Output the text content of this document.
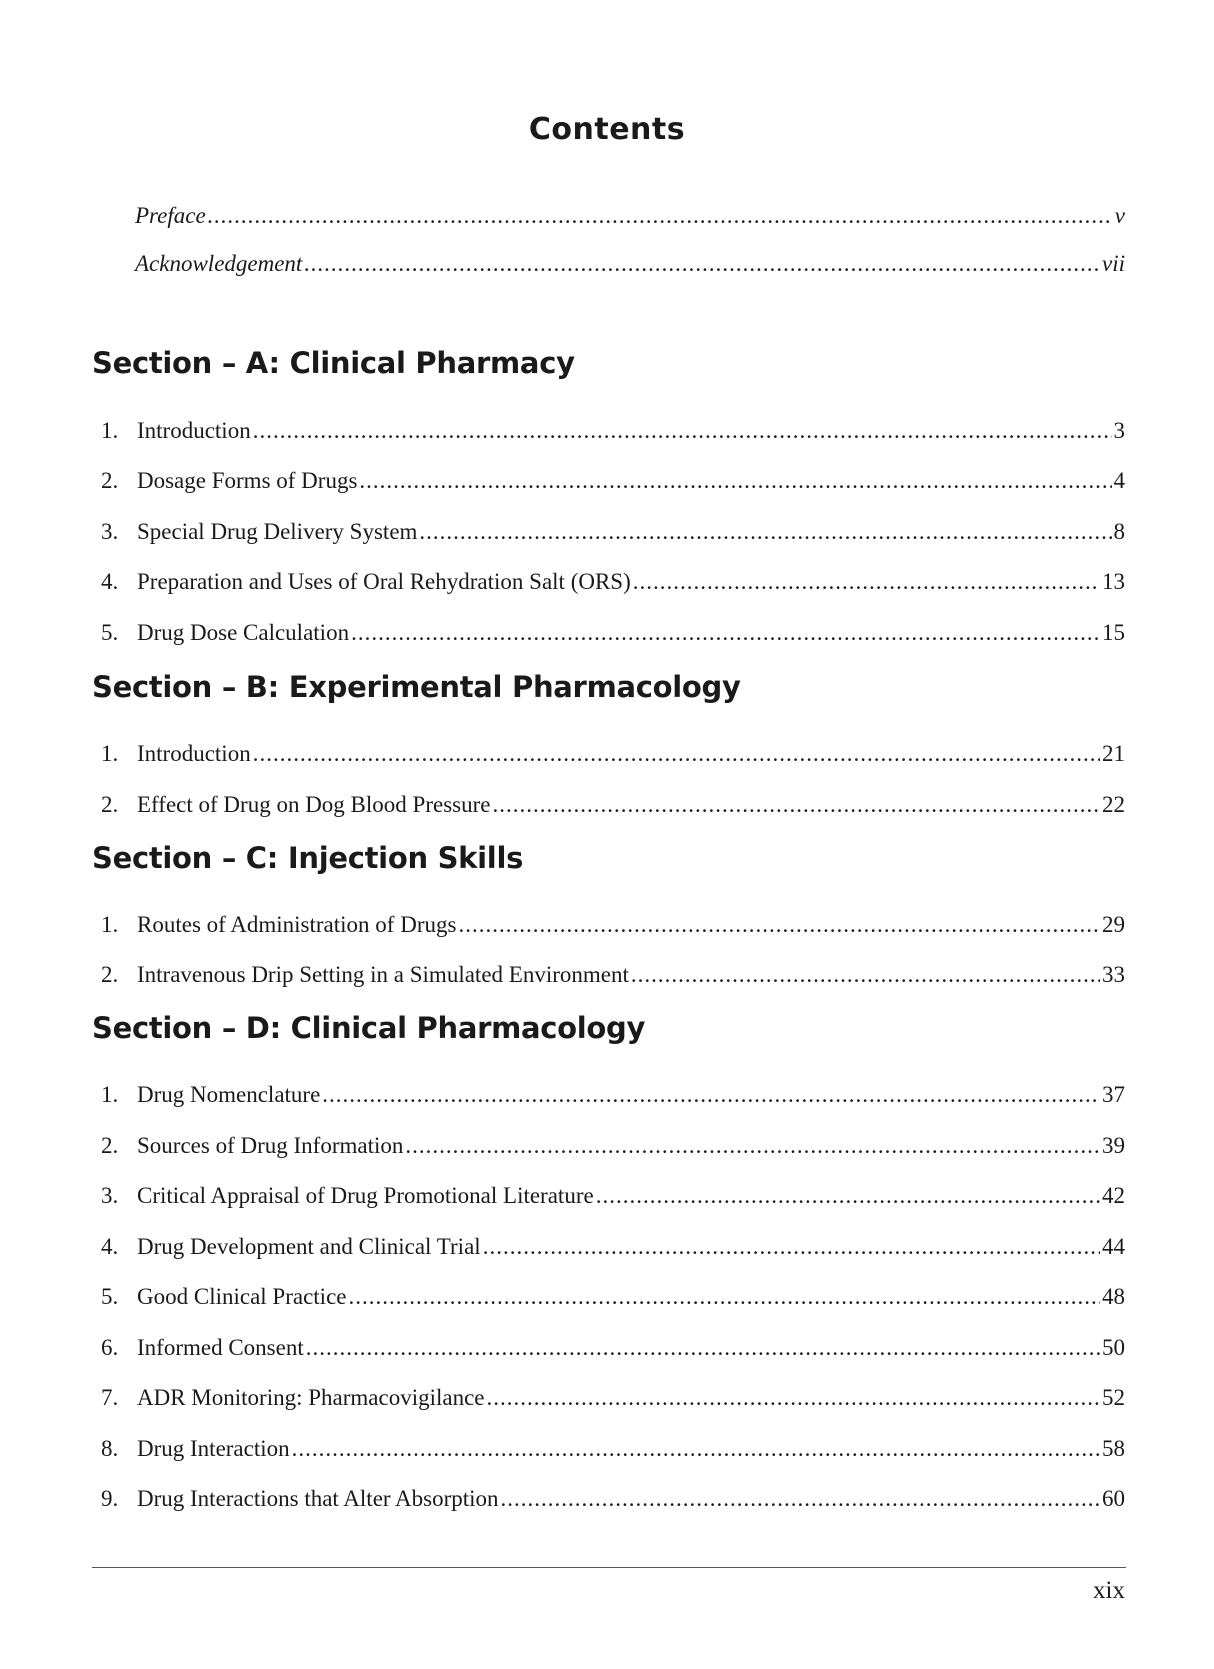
Contents
Preface .....	v
Acknowledgement .....	vii
Section – A: Clinical Pharmacy
1. Introduction .....	3
2. Dosage Forms of Drugs .....	4
3. Special Drug Delivery System .....	8
4. Preparation and Uses of Oral Rehydration Salt (ORS) .....	13
5. Drug Dose Calculation .....	15
Section – B: Experimental Pharmacology
1. Introduction .....	21
2. Effect of Drug on Dog Blood Pressure .....	22
Section – C: Injection Skills
1. Routes of Administration of Drugs .....	29
2. Intravenous Drip Setting in a Simulated Environment .....	33
Section – D: Clinical Pharmacology
1. Drug Nomenclature .....	37
2. Sources of Drug Information .....	39
3. Critical Appraisal of Drug Promotional Literature .....	42
4. Drug Development and Clinical Trial .....	44
5. Good Clinical Practice .....	48
6. Informed Consent .....	50
7. ADR Monitoring: Pharmacovigilance .....	52
8. Drug Interaction .....	58
9. Drug Interactions that Alter Absorption .....	60
xix
